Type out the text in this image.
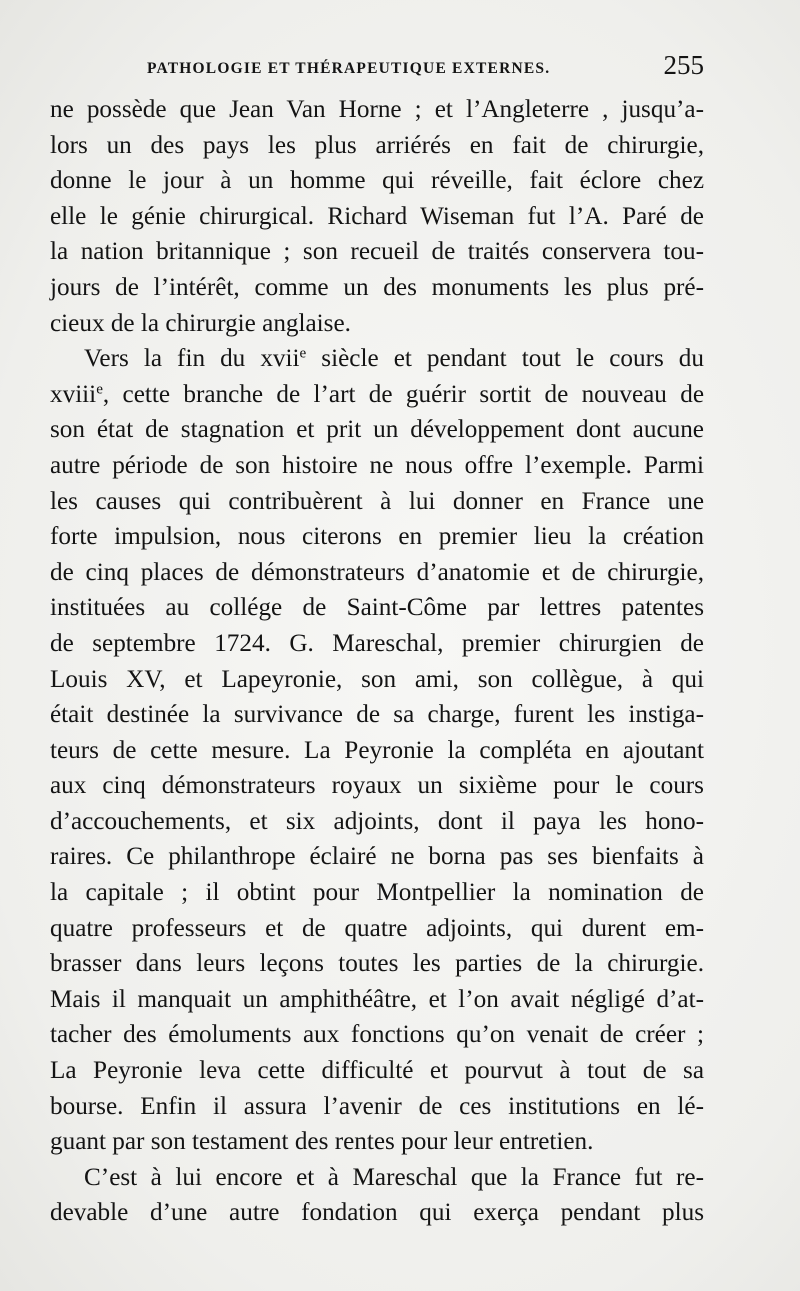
PATHOLOGIE ET THÉRAPEUTIQUE EXTERNES.	255
ne possède que Jean Van Horne ; et l’Angleterre , jusqu’a-
lors un des pays les plus arriérés en fait de chirurgie,
donne le jour à un homme qui réveille, fait éclore chez
elle le génie chirurgical. Richard Wiseman fut l’A. Paré de
la nation britannique ; son recueil de traités conservera tou-
jours de l’intérêt, comme un des monuments les plus pré-
cieux de la chirurgie anglaise.
Vers la fin du xvii$^e$ siècle et pendant tout le cours du
xviii$^e$, cette branche de l’art de guérir sortit de nouveau de
son état de stagnation et prit un développement dont aucune
autre période de son histoire ne nous offre l’exemple. Parmi
les causes qui contribuèrent à lui donner en France une
forte impulsion, nous citerons en premier lieu la création
de cinq places de démonstrateurs d’anatomie et de chirurgie,
instituées au collége de Saint-Côme par lettres patentes
de septembre 1724. G. Mareschal, premier chirurgien de
Louis XV, et Lapeyronie, son ami, son collègue, à qui
était destinée la survivance de sa charge, furent les instiga-
teurs de cette mesure. La Peyronie la compléta en ajoutant
aux cinq démonstrateurs royaux un sixième pour le cours
d’accouchements, et six adjoints, dont il paya les hono-
raires. Ce philanthrope éclairé ne borna pas ses bienfaits à
la capitale ; il obtint pour Montpellier la nomination de
quatre professeurs et de quatre adjoints, qui durent em-
brasser dans leurs leçons toutes les parties de la chirurgie.
Mais il manquait un amphithéâtre, et l’on avait négligé d’at-
tacher des émoluments aux fonctions qu’on venait de créer ;
La Peyronie leva cette difficulté et pourvut à tout de sa
bourse. Enfin il assura l’avenir de ces institutions en lé-
guant par son testament des rentes pour leur entretien.
C’est à lui encore et à Mareschal que la France fut re-
devable d’une autre fondation qui exerça pendant plus
